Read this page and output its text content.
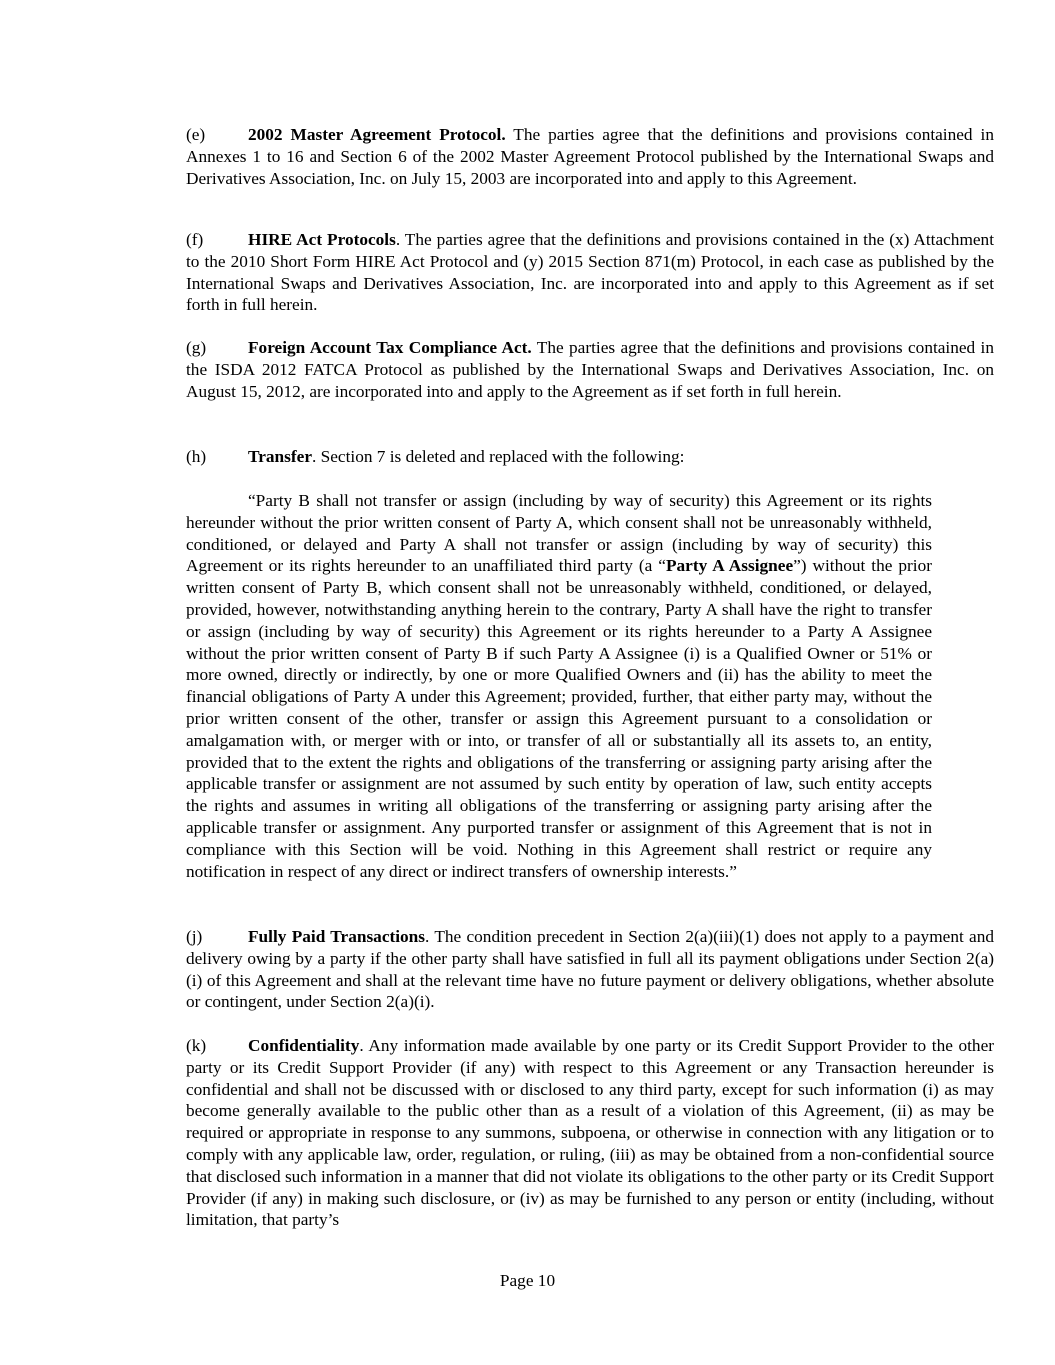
(e) 2002 Master Agreement Protocol. The parties agree that the definitions and provisions contained in Annexes 1 to 16 and Section 6 of the 2002 Master Agreement Protocol published by the International Swaps and Derivatives Association, Inc. on July 15, 2003 are incorporated into and apply to this Agreement.

(f)	HIRE Act Protocols. The parties agree that the definitions and provisions contained in the (x) Attachment to the 2010 Short Form HIRE Act Protocol and (y) 2015 Section 871(m) Protocol, in each case as published by the International Swaps and Derivatives Association, Inc. are incorporated into and apply to this Agreement as if set forth in full herein.

(g) Foreign Account Tax Compliance Act. The parties agree that the definitions and provisions contained in the ISDA 2012 FATCA Protocol as published by the International Swaps and Derivatives Association, Inc. on August 15, 2012, are incorporated into and apply to the Agreement as if set forth in full herein.

(h) Transfer. Section 7 is deleted and replaced with the following:

“Party B shall not transfer or assign (including by way of security) this Agreement or its rights hereunder without the prior written consent of Party A, which consent shall not be unreasonably withheld, conditioned, or delayed and Party A shall not transfer or assign (including by way of security) this Agreement or its rights hereunder to an unaffiliated third party (a “Party A Assignee”) without the prior written consent of Party B, which consent shall not be unreasonably withheld, conditioned, or delayed, provided, however, notwithstanding anything herein to the contrary, Party A shall have the right to transfer or assign (including by way of security) this Agreement or its rights hereunder to a Party A Assignee without the prior written consent of Party B if such Party A Assignee (i) is a Qualified Owner or 51% or more owned, directly or indirectly, by one or more Qualified Owners and (ii) has the ability to meet the financial obligations of Party A under this Agreement; provided, further, that either party may, without the prior written consent of the other, transfer or assign this Agreement pursuant to a consolidation or amalgamation with, or merger with or into, or transfer of all or substantially all its assets to, an entity, provided that to the extent the rights and obligations of the transferring or assigning party arising after the applicable transfer or assignment are not assumed by such entity by operation of law, such entity accepts the rights and assumes in writing all obligations of the transferring or assigning party arising after the applicable transfer or assignment. Any purported transfer or assignment of this Agreement that is not in compliance with this Section will be void. Nothing in this Agreement shall restrict or require any notification in respect of any direct or indirect transfers of ownership interests.”

(j)	Fully Paid Transactions. The condition precedent in Section 2(a)(iii)(1) does not apply to a payment and delivery owing by a party if the other party shall have satisfied in full all its payment obligations under Section 2(a)(i) of this Agreement and shall at the relevant time have no future payment or delivery obligations, whether absolute or contingent, under Section 2(a)(i).

(k) Confidentiality. Any information made available by one party or its Credit Support Provider to the other party or its Credit Support Provider (if any) with respect to this Agreement or any Transaction hereunder is confidential and shall not be discussed with or disclosed to any third party, except for such information (i) as may become generally available to the public other than as a result of a violation of this Agreement, (ii) as may be required or appropriate in response to any summons, subpoena, or otherwise in connection with any litigation or to comply with any applicable law, order, regulation, or ruling, (iii) as may be obtained from a non-confidential source that disclosed such information in a manner that did not violate its obligations to the other party or its Credit Support Provider (if any) in making such disclosure, or (iv) as may be furnished to any person or entity (including, without limitation, that party’s

Page 10
